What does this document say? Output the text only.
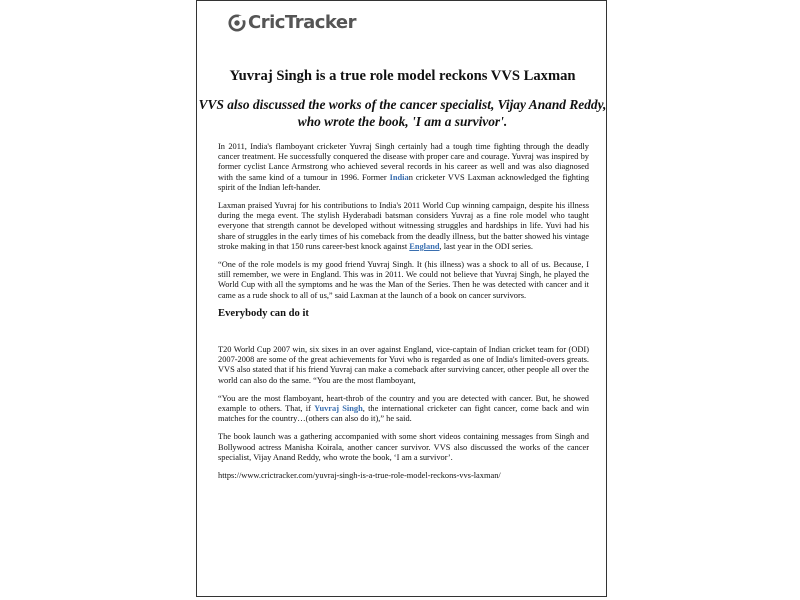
CricTracker
Yuvraj Singh is a true role model reckons VVS Laxman
VVS also discussed the works of the cancer specialist, Vijay Anand Reddy, who wrote the book, 'I am a survivor'.

In 2011, India's flamboyant cricketer Yuvraj Singh certainly had a tough time fighting through the deadly cancer treatment. He successfully conquered the disease with proper care and courage. Yuvraj was inspired by former cyclist Lance Armstrong who achieved several records in his career as well and was also diagnosed with the same kind of a tumour in 1996. Former Indian cricketer VVS Laxman acknowledged the fighting spirit of the Indian left-hander.

Laxman praised Yuvraj for his contributions to India's 2011 World Cup winning campaign, despite his illness during the mega event. The stylish Hyderabadi batsman considers Yuvraj as a fine role model who taught everyone that strength cannot be developed without witnessing struggles and hardships in life. Yuvi had his share of struggles in the early times of his comeback from the deadly illness, but the batter showed his vintage stroke making in that 150 runs career-best knock against England, last year in the ODI series.

“One of the role models is my good friend Yuvraj Singh. It (his illness) was a shock to all of us. Because, I still remember, we were in England. This was in 2011. We could not believe that Yuvraj Singh, he played the World Cup with all the symptoms and he was the Man of the Series. Then he was detected with cancer and it came as a rude shock to all of us,” said Laxman at the launch of a book on cancer survivors.

Everybody can do it

T20 World Cup 2007 win, six sixes in an over against England, vice-captain of Indian cricket team for (ODI) 2007-2008 are some of the great achievements for Yuvi who is regarded as one of India's limited-overs greats. VVS also stated that if his friend Yuvraj can make a comeback after surviving cancer, other people all over the world can also do the same. “You are the most flamboyant,

“You are the most flamboyant, heart-throb of the country and you are detected with cancer. But, he showed example to others. That, if Yuvraj Singh, the international cricketer can fight cancer, come back and win matches for the country…(others can also do it),” he said.

The book launch was a gathering accompanied with some short videos containing messages from Singh and Bollywood actress Manisha Koirala, another cancer survivor. VVS also discussed the works of the cancer specialist, Vijay Anand Reddy, who wrote the book, ‘I am a survivor’.

https://www.crictracker.com/yuvraj-singh-is-a-true-role-model-reckons-vvs-laxman/
